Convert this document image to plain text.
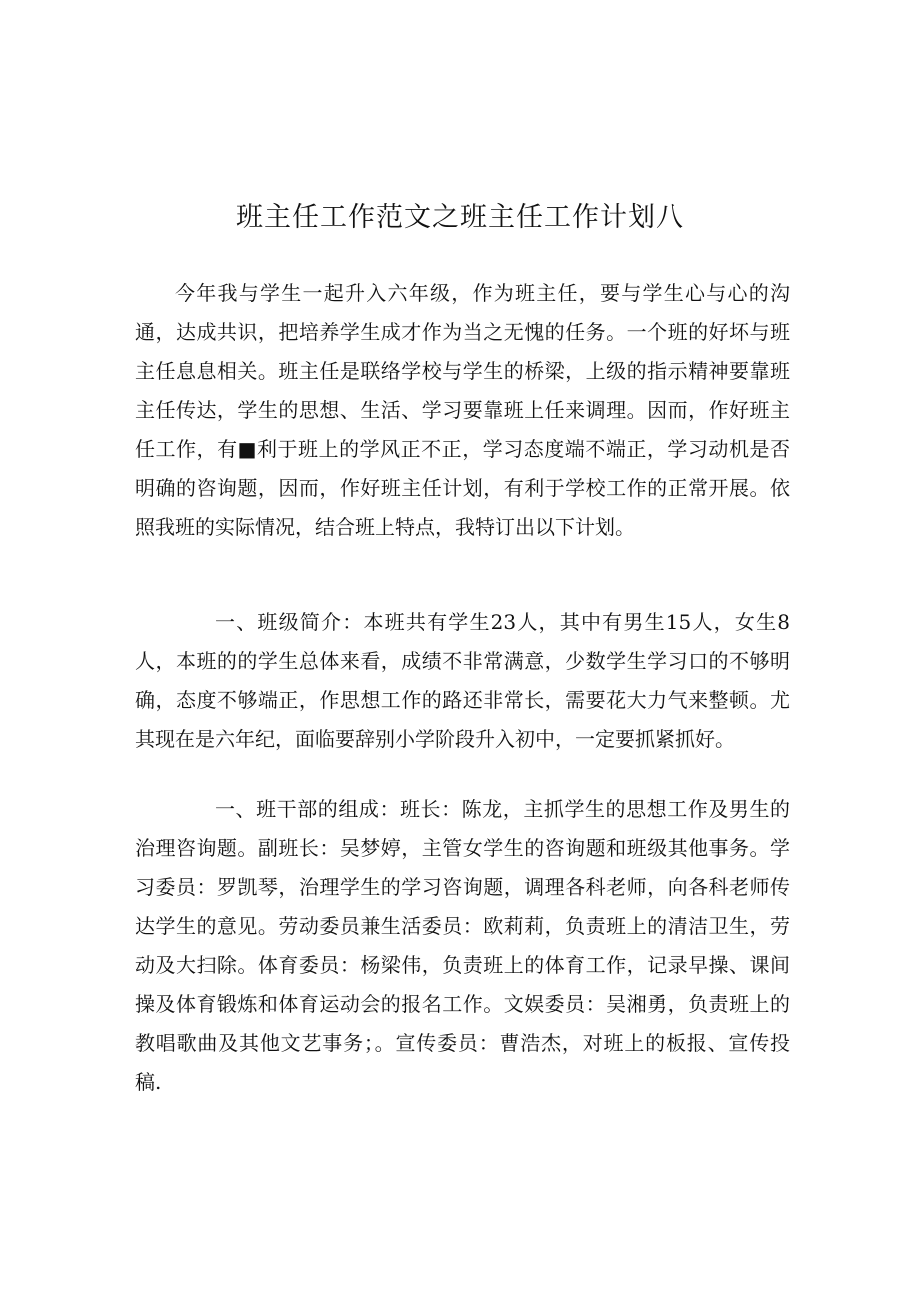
班主任工作范文之班主任工作计划八

今年我与学生一起升入六年级，作为班主任，要与学生心与心的沟通，达成共识，把培养学生成才作为当之无愧的任务。一个班的好坏与班主任息息相关。班主任是联络学校与学生的桥梁，上级的指示精神要靠班主任传达，学生的思想、生活、学习要靠班上任来调理。因而，作好班主任工作，有■利于班上的学风正不正，学习态度端不端正，学习动机是否明确的咨询题，因而，作好班主任计划，有利于学校工作的正常开展。依照我班的实际情况，结合班上特点，我特订出以下计划。

一、班级简介：本班共有学生23人，其中有男生15人，女生8人，本班的的学生总体来看，成绩不非常满意，少数学生学习口的不够明确，态度不够端正，作思想工作的路还非常长，需要花大力气来整顿。尤其现在是六年纪，面临要辞别小学阶段升入初中，一定要抓紧抓好。

一、班干部的组成：班长：陈龙，主抓学生的思想工作及男生的治理咨询题。副班长：吴梦婷，主管女学生的咨询题和班级其他事务。学习委员：罗凯琴，治理学生的学习咨询题，调理各科老师，向各科老师传达学生的意见。劳动委员兼生活委员：欧莉莉，负责班上的清洁卫生，劳动及大扫除。体育委员：杨梁伟，负责班上的体育工作，记录早操、课间操及体育锻炼和体育运动会的报名工作。文娱委员：吴湘勇，负责班上的教唱歌曲及其他文艺事务；。宣传委员：曹浩杰，对班上的板报、宣传投稿.
